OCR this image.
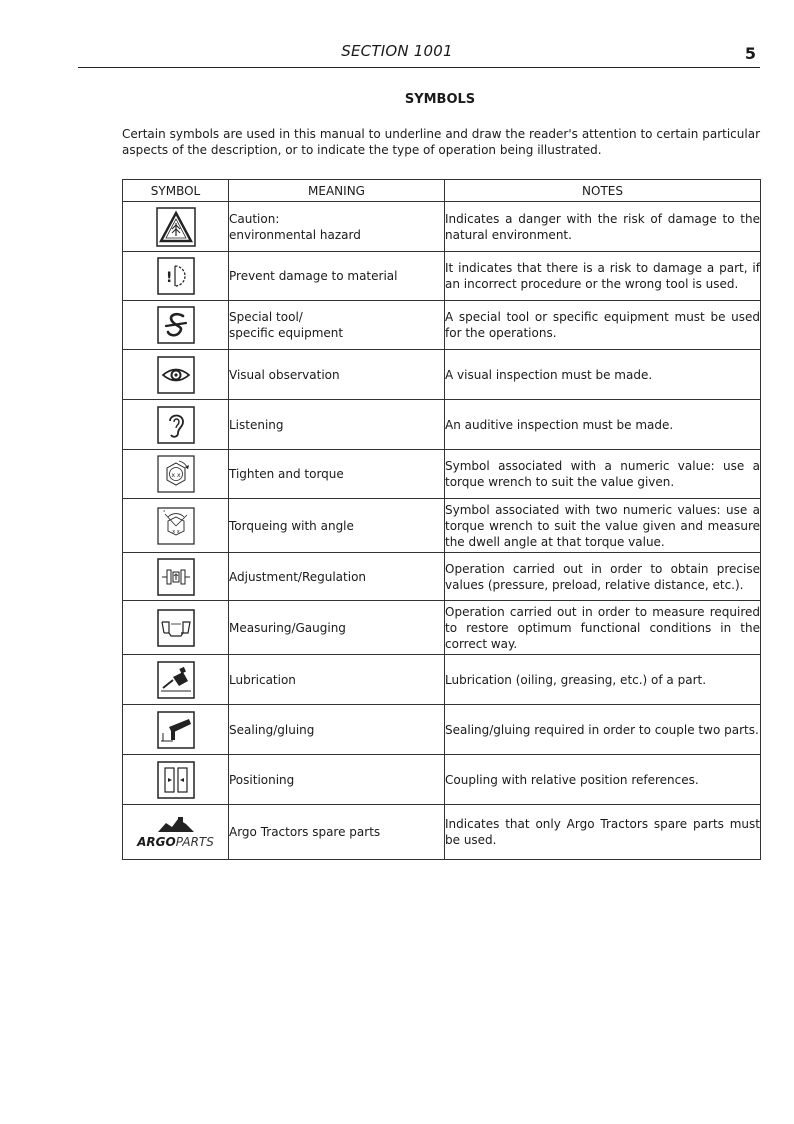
SECTION 1001	5
SYMBOLS
Certain symbols are used in this manual to underline and draw the reader's attention to certain particular aspects of the description, or to indicate the type of operation being illustrated.
SYMBOL	MEANING	NOTES

Caution:
environmental hazard	Indicates a danger with the risk of damage to the natural environment.

!	Prevent damage to material	It indicates that there is a risk to damage a part, if an incorrect procedure or the wrong tool is used.

Special tool/
specific equipment	A special tool or specific equipment must be used for the operations.

Visual observation	A visual inspection must be made.

Listening	An auditive inspection must be made.

x x	Tighten and torque	Symbol associated with a numeric value: use a torque wrench to suit the value given.

°
x x	Torqueing with angle	Symbol associated with two numeric values: use a torque wrench to suit the value given and measure the dwell angle at that torque value.

Adjustment/Regulation	Operation carried out in order to obtain precise values (pressure, preload, relative distance, etc.).

Measuring/Gauging	Operation carried out in order to measure required to restore optimum functional conditions in the correct way.

Lubrication	Lubrication (oiling, greasing, etc.) of a part.

Sealing/gluing	Sealing/gluing required in order to couple two parts.

Positioning	Coupling with relative position references.

ARGOPARTS	Argo Tractors spare parts	Indicates that only Argo Tractors spare parts must be used.
